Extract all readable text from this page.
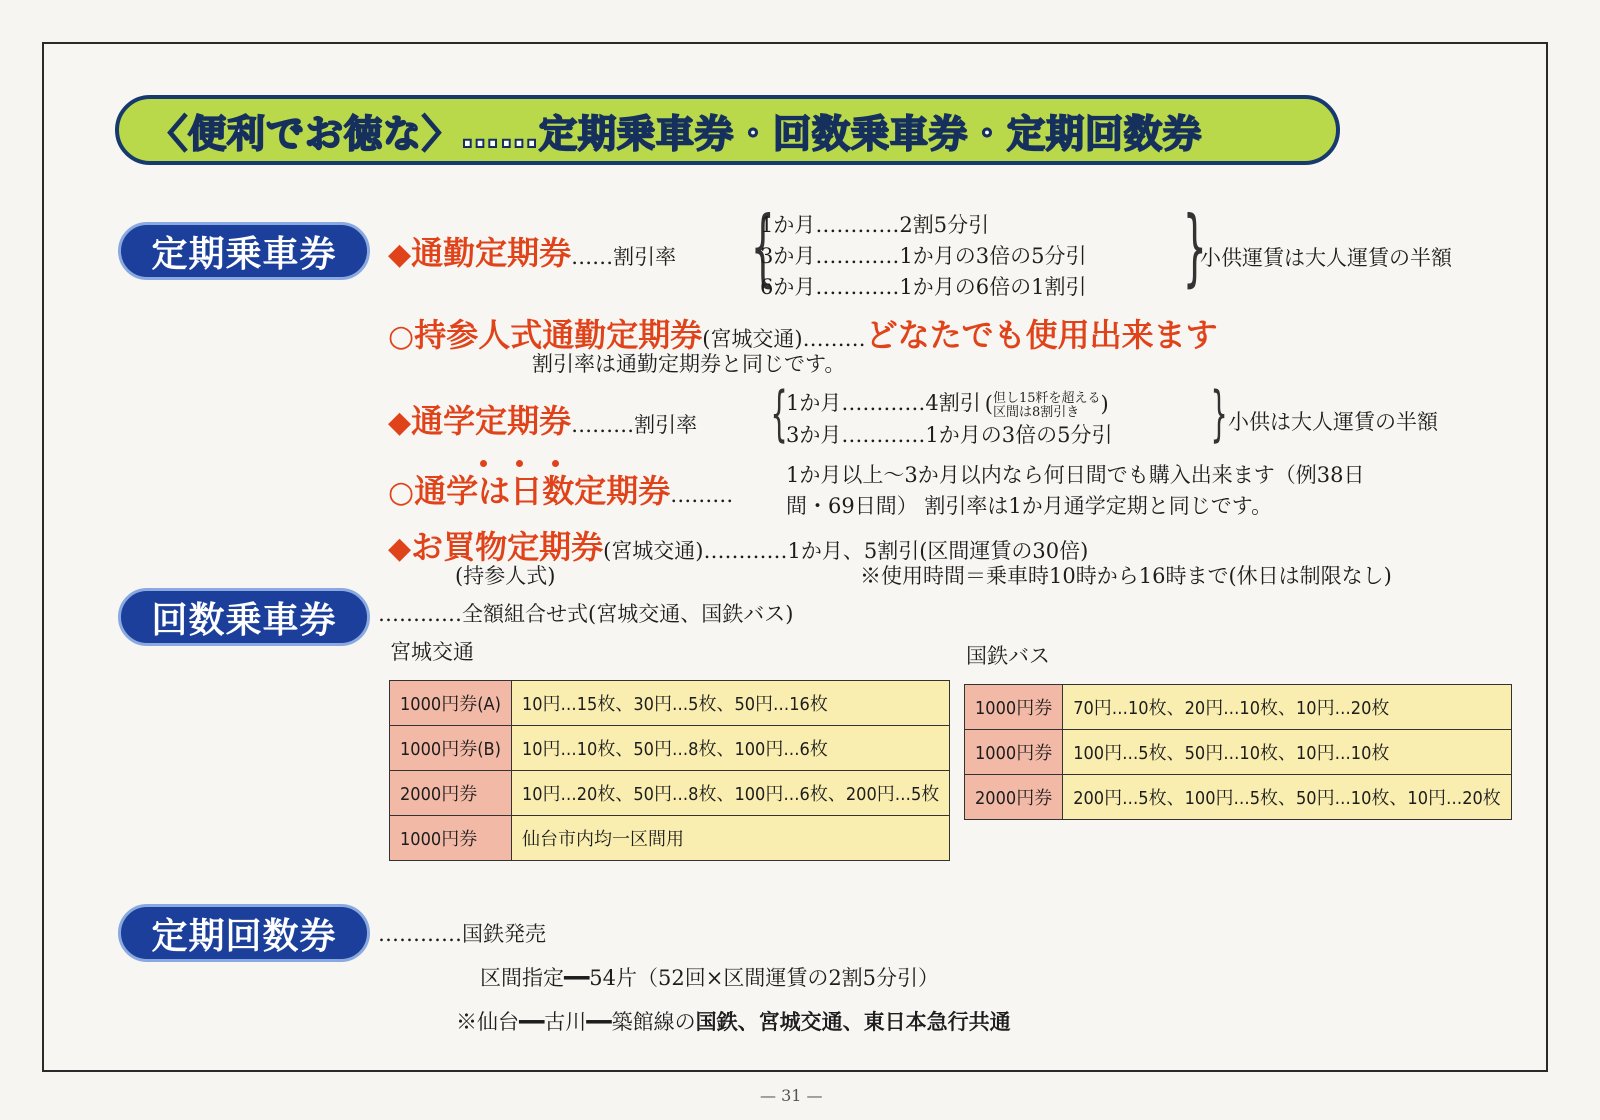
〈便利でお徳な〉……定期乗車券・回数乗車券・定期回数券
定期乗車券 ◆通勤定期券……割引率 {
1か月…………2割5分引
3か月…………1か月の3倍の5分引
6か月…………1か月の6倍の1割引 }
小供運賃は大人運賃の半額
○持参人式通勤定期券(宮城交通)………どなたでも使用出来ます
割引率は通勤定期券と同じです。
◆通学定期券………割引率 {
1か月…………4割引 ( 但し15粁を超える
区間は8割引き	)
3か月…………1か月の3倍の5分引 } 小供は大人運賃の半額

○通学は日数定期券………
1か月以上～3か月以内なら何日間でも購入出来ます（例38日
間・69日間） 割引率は1か月通学定期と同じです。
◆お買物定期券(宮城交通)…………1か月、5割引(区間運賃の30倍)
(持参人式)	※使用時間＝乗車時10時から16時まで(休日は制限なし)
回数乗車券 …………全額組合せ式(宮城交通、国鉄バス)
宮城交通
1000円券(A)	10円…15枚、30円…5枚、50円…16枚
1000円券(B)	10円…10枚、50円…8枚、100円…6枚
2000円券	10円…20枚、50円…8枚、100円…6枚、200円…5枚
1000円券	仙台市内均一区間用
国鉄バス
1000円券	70円…10枚、20円…10枚、10円…20枚
1000円券	100円…5枚、50円…10枚、10円…10枚
2000円券	200円…5枚、100円…5枚、50円…10枚、10円…20枚
定期回数券 …………国鉄発売
区間指定━━54片（52回×区間運賃の2割5分引）
※仙台━━古川━━築館線の国鉄、宮城交通、東日本急行共通
— 31 —
